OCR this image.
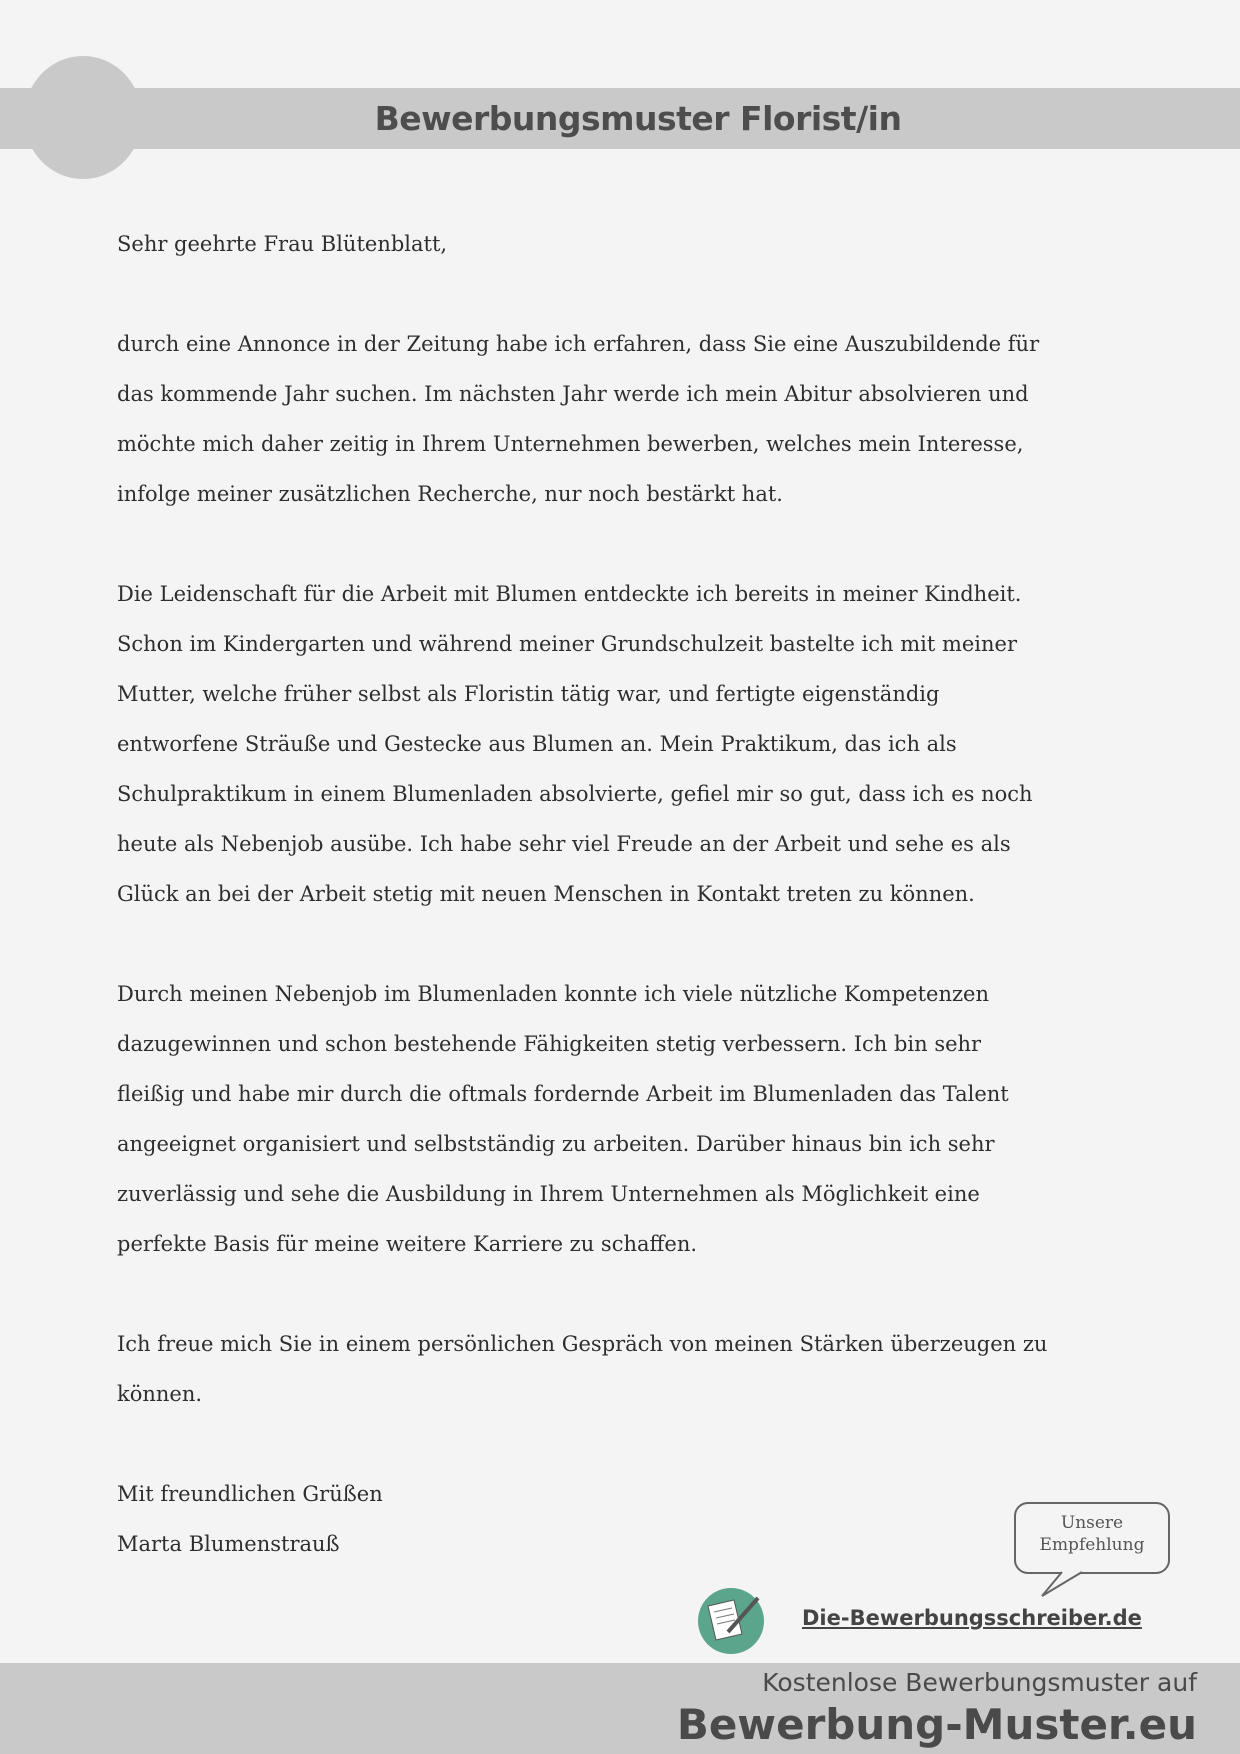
Bewerbungsmuster Florist/in
Sehr geehrte Frau Blütenblatt,
durch eine Annonce in der Zeitung habe ich erfahren, dass Sie eine Auszubildende für
das kommende Jahr suchen. Im nächsten Jahr werde ich mein Abitur absolvieren und
möchte mich daher zeitig in Ihrem Unternehmen bewerben, welches mein Interesse,
infolge meiner zusätzlichen Recherche, nur noch bestärkt hat.
Die Leidenschaft für die Arbeit mit Blumen entdeckte ich bereits in meiner Kindheit.
Schon im Kindergarten und während meiner Grundschulzeit bastelte ich mit meiner
Mutter, welche früher selbst als Floristin tätig war, und fertigte eigenständig
entworfene Sträuße und Gestecke aus Blumen an. Mein Praktikum, das ich als
Schulpraktikum in einem Blumenladen absolvierte, gefiel mir so gut, dass ich es noch
heute als Nebenjob ausübe. Ich habe sehr viel Freude an der Arbeit und sehe es als
Glück an bei der Arbeit stetig mit neuen Menschen in Kontakt treten zu können.
Durch meinen Nebenjob im Blumenladen konnte ich viele nützliche Kompetenzen
dazugewinnen und schon bestehende Fähigkeiten stetig verbessern. Ich bin sehr
fleißig und habe mir durch die oftmals fordernde Arbeit im Blumenladen das Talent
angeeignet organisiert und selbstständig zu arbeiten. Darüber hinaus bin ich sehr
zuverlässig und sehe die Ausbildung in Ihrem Unternehmen als Möglichkeit eine
perfekte Basis für meine weitere Karriere zu schaffen.
Ich freue mich Sie in einem persönlichen Gespräch von meinen Stärken überzeugen zu
können.
Mit freundlichen Grüßen
Marta Blumenstrauß
Unsere
Empfehlung
Die-Bewerbungsschreiber.de
Kostenlose Bewerbungsmuster auf
Bewerbung-Muster.eu
